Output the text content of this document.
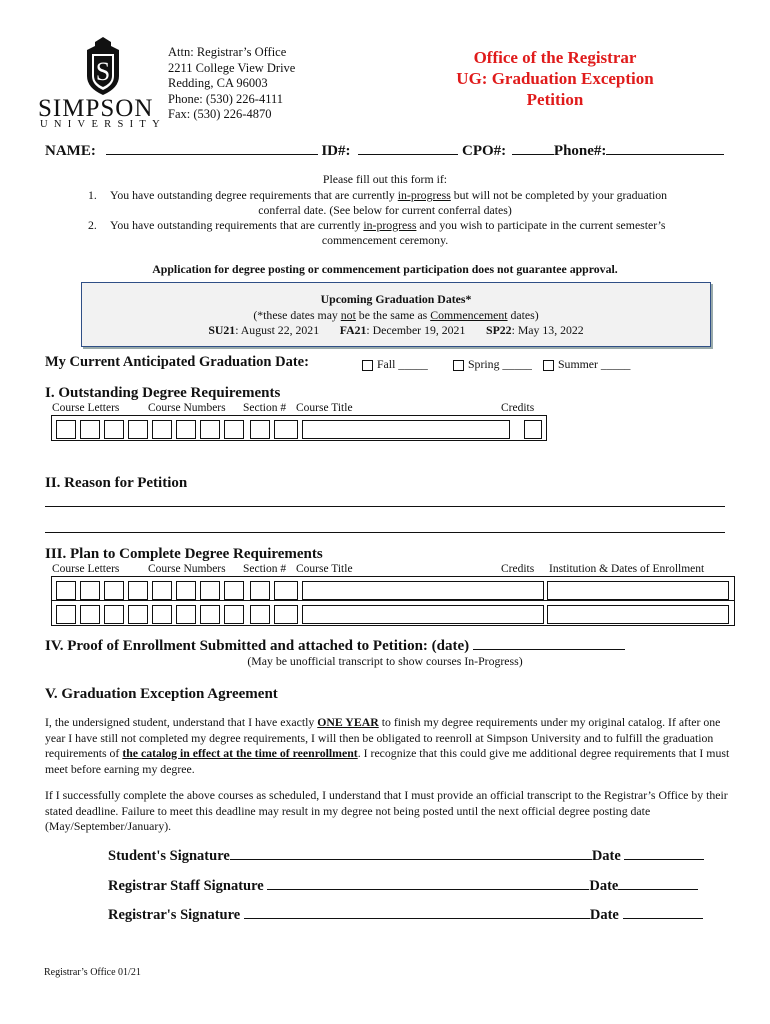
S
SIMPSON
UNIVERSITY
Attn: Registrar’s Office
2211 College View Drive
Redding, CA 96003
Phone: (530) 226-4111
Fax: (530) 226-4870
Office of the Registrar
UG: Graduation Exception
Petition
NAME:	ID#:	CPO#:	Phone#:
Please fill out this form if:
1. You have outstanding degree requirements that are currently in-progress but will not be completed by your graduation
conferral date. (See below for current conferral dates)
2. You have outstanding requirements that are currently in-progress and you wish to participate in the current semester’s
commencement ceremony.
Application for degree posting or commencement participation does not guarantee approval.
Upcoming Graduation Dates*
(*these dates may not be the same as Commencement dates)
SU21: August 22, 2021 FA21: December 19, 2021 SP22: May 13, 2022
My Current Anticipated Graduation Date:	Fall _____	Spring _____	Summer _____
I. Outstanding Degree Requirements
Course Letters Course Numbers Section # Course Title	Credits
II. Reason for Petition
III. Plan to Complete Degree Requirements
Course Letters Course Numbers Section # Course Title	Credits Institution & Dates of Enrollment
IV. Proof of Enrollment Submitted and attached to Petition: (date)
(May be unofficial transcript to show courses In-Progress)
V. Graduation Exception Agreement
I, the undersigned student, understand that I have exactly ONE YEAR to finish my degree requirements under my original catalog. If after one year I have still not completed my degree requirements, I will then be obligated to reenroll at Simpson University and to fulfill the graduation requirements of the catalog in effect at the time of reenrollment. I recognize that this could give me additional degree requirements that I must meet before earning my degree.
If I successfully complete the above courses as scheduled, I understand that I must provide an official transcript to the Registrar’s Office by their stated deadline. Failure to meet this deadline may result in my degree not being posted until the next official degree posting date (May/September/January).
Student's Signature	Date
Registrar Staff Signature	Date
Registrar's Signature	Date
Registrar’s Office 01/21
